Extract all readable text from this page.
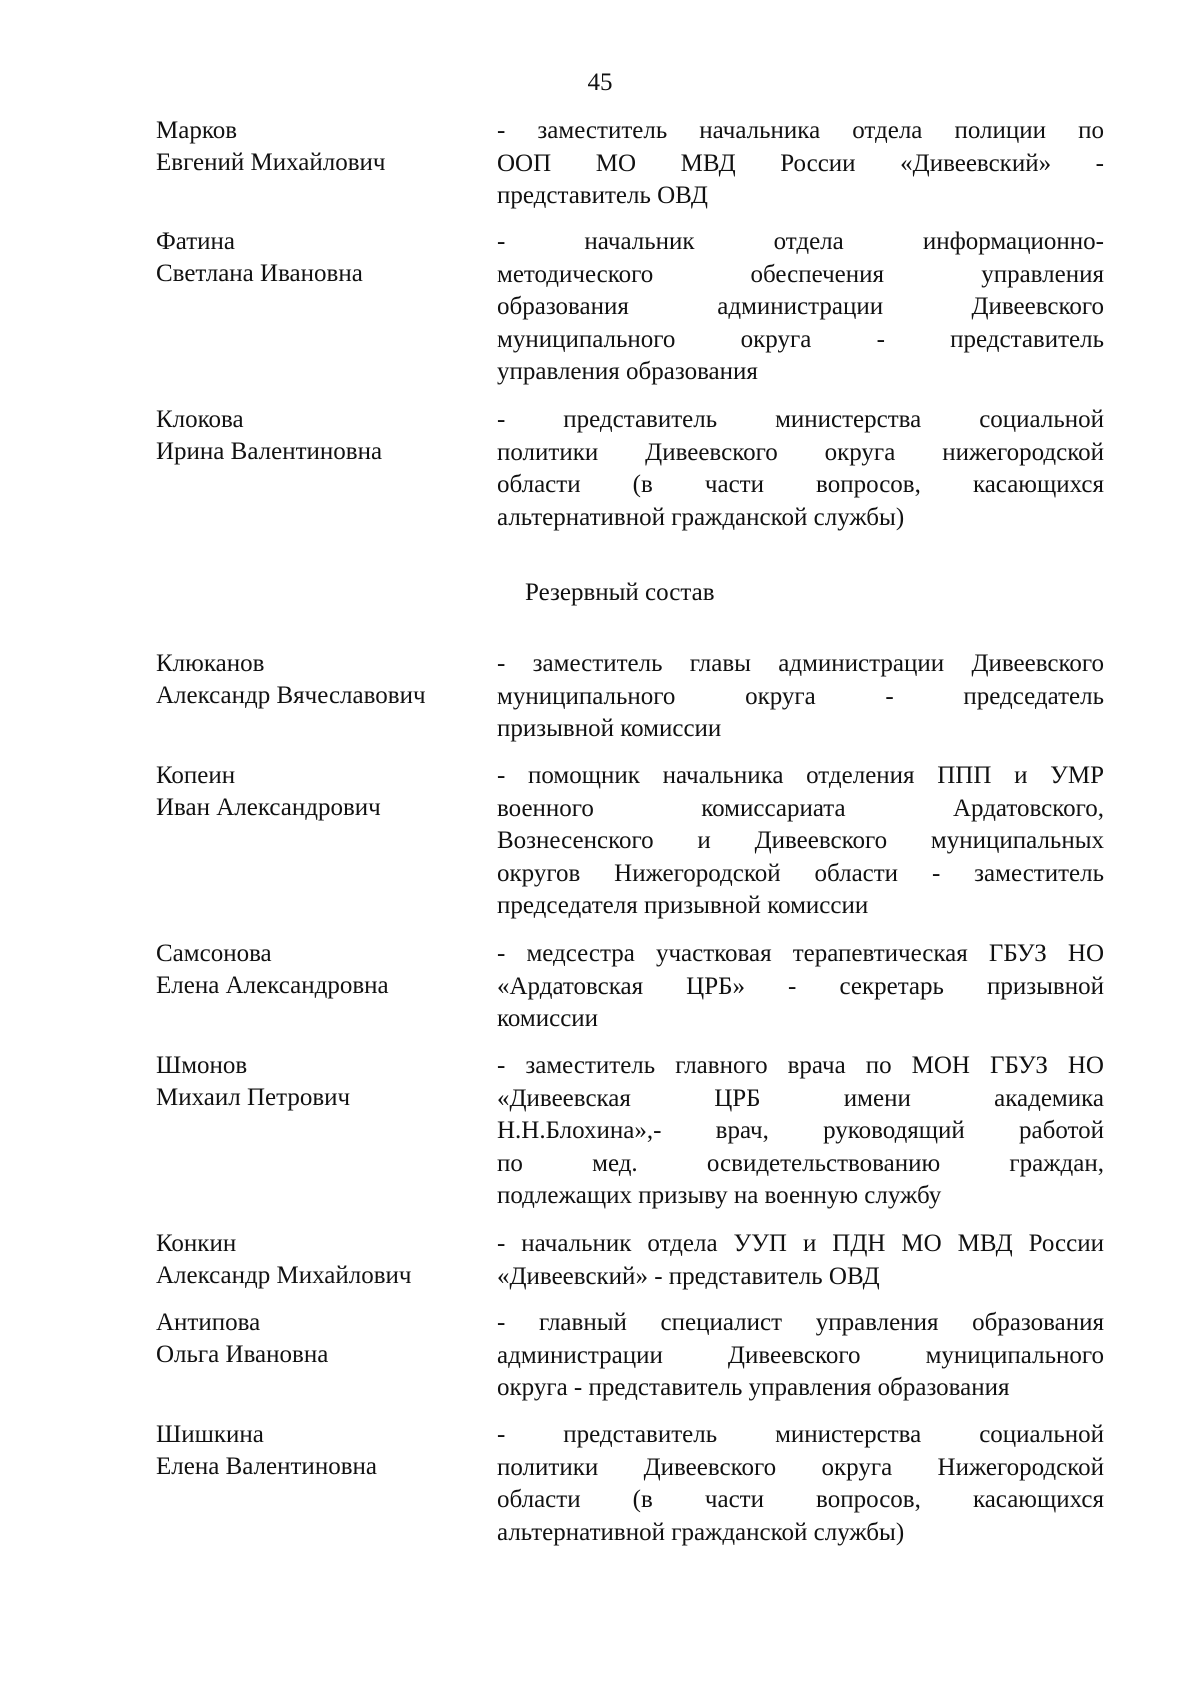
45
Марков
Евгений Михайлович
- заместитель начальника отдела полиции по
ООП МО МВД России «Дивеевский» -
представитель ОВД
Фатина
Светлана Ивановна
- начальник отдела информационно-
методического обеспечения управления
образования администрации Дивеевского
муниципального округа - представитель
управления образования
Клокова
Ирина Валентиновна
- представитель министерства социальной
политики Дивеевского округа нижегородской
области (в части вопросов, касающихся
альтернативной гражданской службы)
Резервный состав
Клюканов
Александр Вячеславович
- заместитель главы администрации Дивеевского
муниципального округа - председатель
призывной комиссии
Копеин
Иван Александрович
- помощник начальника отделения ППП и УМР
военного комиссариата Ардатовского,
Вознесенского и Дивеевского муниципальных
округов Нижегородской области - заместитель
председателя призывной комиссии
Самсонова
Елена Александровна
- медсестра участковая терапевтическая ГБУЗ НО
«Ардатовская ЦРБ» - секретарь призывной
комиссии
Шмонов
Михаил Петрович
- заместитель главного врача по МОН ГБУЗ НО
«Дивеевская ЦРБ имени академика
Н.Н.Блохина»,- врач, руководящий работой
по мед. освидетельствованию граждан,
подлежащих призыву на военную службу
Конкин
Александр Михайлович
- начальник отдела УУП и ПДН МО МВД России
«Дивеевский» - представитель ОВД
Антипова
Ольга Ивановна
- главный специалист управления образования
администрации Дивеевского муниципального
округа - представитель управления образования
Шишкина
Елена Валентиновна
- представитель министерства социальной
политики Дивеевского округа Нижегородской
области (в части вопросов, касающихся
альтернативной гражданской службы)
